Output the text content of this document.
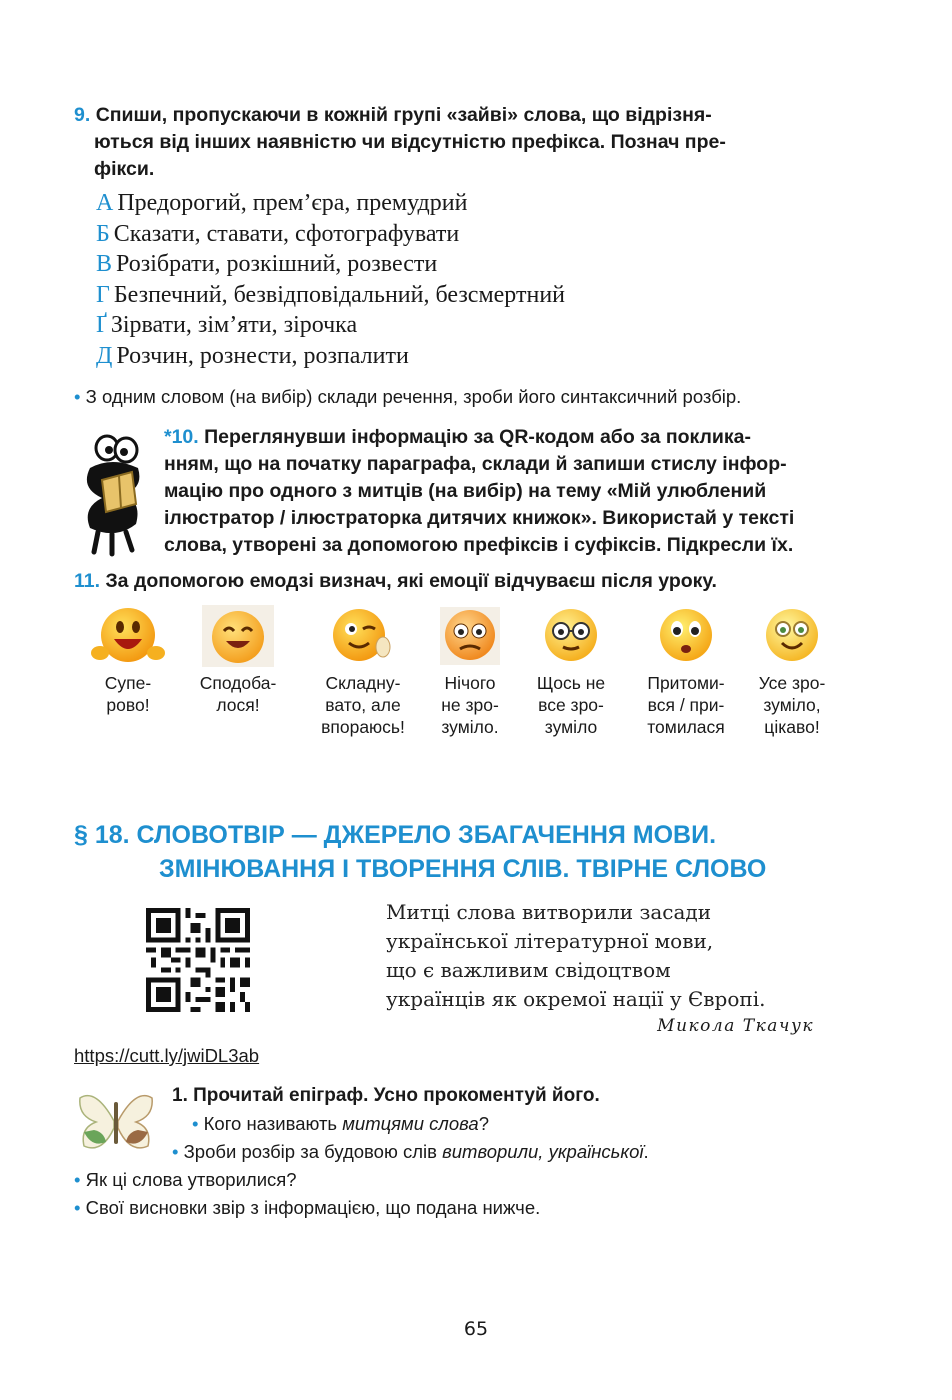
9. Спиши, пропускаючи в кожній групі «зайві» слова, що відрізня-
ються від інших наявністю чи відсутністю префікса. Познач пре-
фікси.
А Предорогий, прем’єра, премудрий
Б Сказати, ставати, сфотографувати
В Розібрати, розкішний, розвести
Г Безпечний, безвідповідальний, безсмертний
Ґ Зірвати, зім’яти, зірочка
Д Розчин, рознести, розпалити
• З одним словом (на вибір) склади речення, зроби його синтаксичний розбір.
*10. Переглянувши інформацію за QR-кодом або за поклика-
нням, що на початку параграфа, склади й запиши стислу інфор-
мацію про одного з митців (на вибір) на тему «Мій улюблений
ілюстратор / ілюстраторка дитячих книжок». Використай у тексті
слова, утворені за допомогою префіксів і суфіксів. Підкресли їх.
11. За допомогою емодзі визнач, які емоції відчуваєш після уроку.
Супе-
рово!
Сподоба-
лося!
Складну-
вато, але
впораюсь!
Нічого
не зро-
зуміло.
Щось не
все зро-
зуміло
Притоми-
вся / при-
томилася
Усе зро-
зуміло,
цікаво!
§ 18. СЛОВОТВІР — ДЖЕРЕЛО ЗБАГАЧЕННЯ МОВИ.
ЗМІНЮВАННЯ І ТВОРЕННЯ СЛІВ. ТВІРНЕ СЛОВО
Митці слова витворили засади
української літературної мови,
що є важливим свідоцтвом
українців як окремої нації у Європі.
Микола Ткачук
https://cutt.ly/jwiDL3ab
1. Прочитай епіграф. Усно прокоментуй його.
• Кого називають митцями слова?
• Зроби розбір за будовою слів витворили, української.
• Як ці слова утворилися?
• Свої висновки звір з інформацією, що подана нижче.
65
